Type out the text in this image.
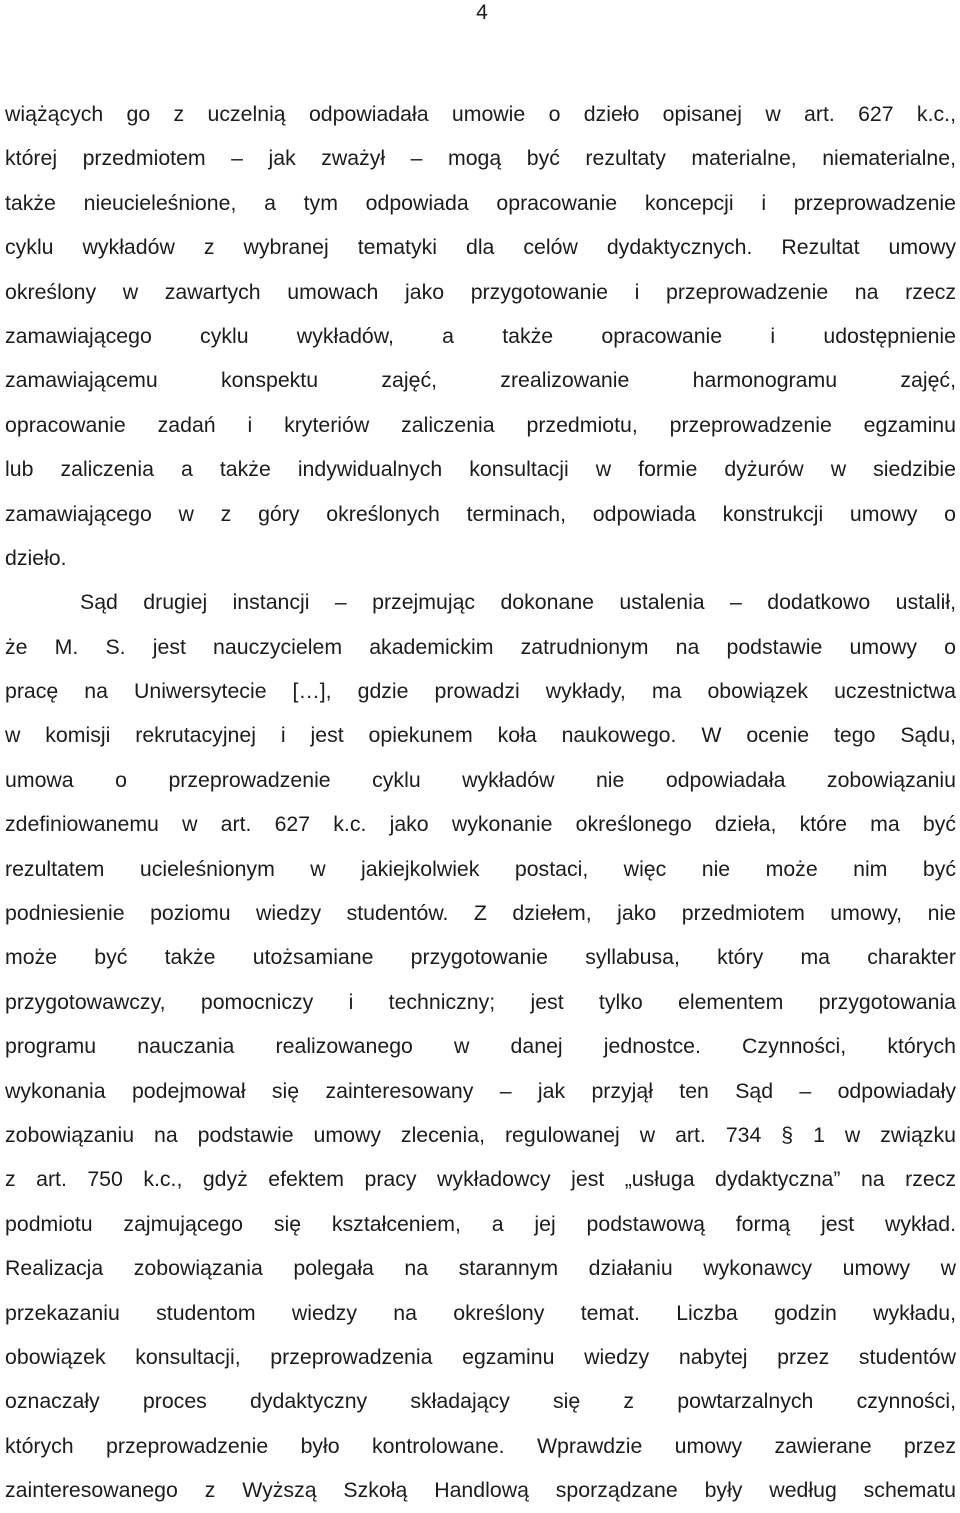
4
wiążących go z uczelnią odpowiadała umowie o dzieło opisanej w art. 627 k.c.,
której przedmiotem – jak zważył – mogą być rezultaty materialne, niematerialne,
także nieucieleśnione, a tym odpowiada opracowanie koncepcji i przeprowadzenie
cyklu wykładów z wybranej tematyki dla celów dydaktycznych. Rezultat umowy
określony w zawartych umowach jako przygotowanie i przeprowadzenie na rzecz
zamawiającego cyklu wykładów, a także opracowanie i udostępnienie
zamawiającemu konspektu zajęć, zrealizowanie harmonogramu zajęć,
opracowanie zadań i kryteriów zaliczenia przedmiotu, przeprowadzenie egzaminu
lub zaliczenia a także indywidualnych konsultacji w formie dyżurów w siedzibie
zamawiającego w z góry określonych terminach, odpowiada konstrukcji umowy o
dzieło.
Sąd drugiej instancji – przejmując dokonane ustalenia – dodatkowo ustalił,
że M. S. jest nauczycielem akademickim zatrudnionym na podstawie umowy o
pracę na Uniwersytecie […], gdzie prowadzi wykłady, ma obowiązek uczestnictwa
w komisji rekrutacyjnej i jest opiekunem koła naukowego. W ocenie tego Sądu,
umowa o przeprowadzenie cyklu wykładów nie odpowiadała zobowiązaniu
zdefiniowanemu w art. 627 k.c. jako wykonanie określonego dzieła, które ma być
rezultatem ucieleśnionym w jakiejkolwiek postaci, więc nie może nim być
podniesienie poziomu wiedzy studentów. Z dziełem, jako przedmiotem umowy, nie
może być także utożsamiane przygotowanie syllabusa, który ma charakter
przygotowawczy, pomocniczy i techniczny; jest tylko elementem przygotowania
programu nauczania realizowanego w danej jednostce. Czynności, których
wykonania podejmował się zainteresowany – jak przyjął ten Sąd – odpowiadały
zobowiązaniu na podstawie umowy zlecenia, regulowanej w art. 734 § 1 w związku
z art. 750 k.c., gdyż efektem pracy wykładowcy jest „usługa dydaktyczna” na rzecz
podmiotu zajmującego się kształceniem, a jej podstawową formą jest wykład.
Realizacja zobowiązania polegała na starannym działaniu wykonawcy umowy w
przekazaniu studentom wiedzy na określony temat. Liczba godzin wykładu,
obowiązek konsultacji, przeprowadzenia egzaminu wiedzy nabytej przez studentów
oznaczały proces dydaktyczny składający się z powtarzalnych czynności,
których przeprowadzenie było kontrolowane. Wprawdzie umowy zawierane przez
zainteresowanego z Wyższą Szkołą Handlową sporządzane były według schematu
